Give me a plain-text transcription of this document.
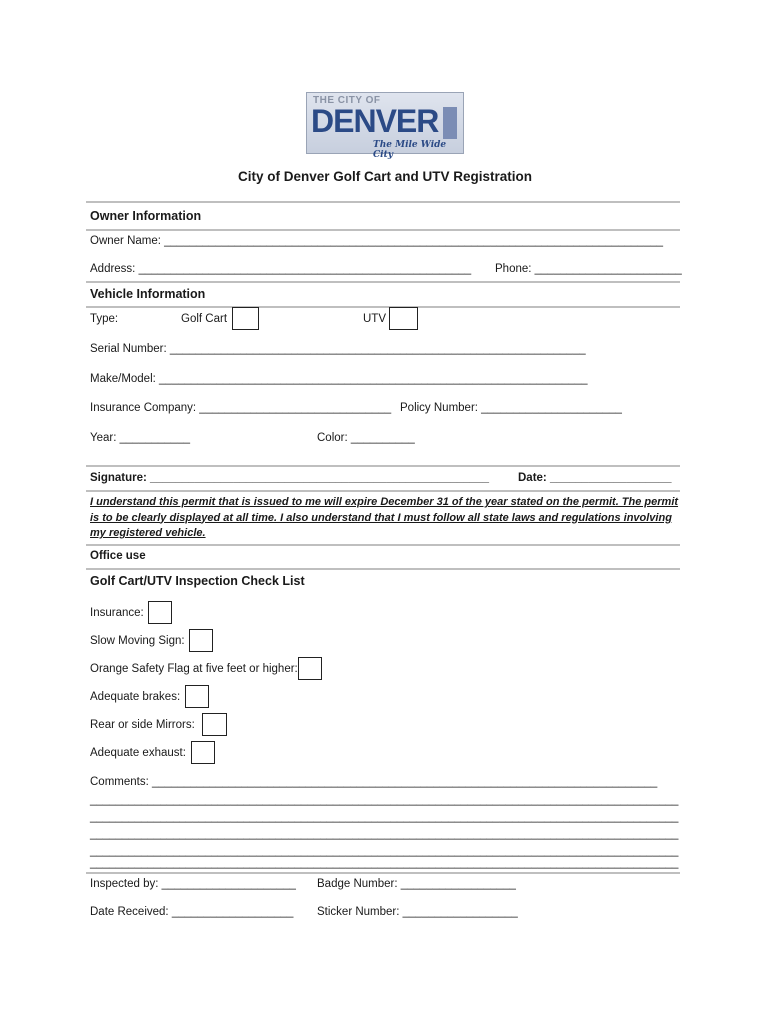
THE CITY OF
DENVER
The Mile Wide City
City of Denver Golf Cart and UTV Registration
Owner Information
Owner Name: ______________________________________________________________________________
Address: ____________________________________________________ Phone: _______________________
Vehicle Information
Type:	Golf Cart	UTV
Serial Number: _________________________________________________________________
Make/Model: ___________________________________________________________________
Insurance Company: ______________________________ Policy Number: ______________________
Year: ___________	Color: __________
Signature: _____________________________________________________	Date: ___________________
I understand this permit that is issued to me will expire December 31 of the year stated on the permit. The permit is to be clearly displayed at all time. I also understand that I must follow all state laws and regulations involving my registered vehicle.
Office use
Golf Cart/UTV Inspection Check List
Insurance:
Slow Moving Sign:
Orange Safety Flag at five feet or higher:
Adequate brakes:
Rear or side Mirrors:
Adequate exhaust:
Comments: _______________________________________________________________________________
____________________________________________________________________________________________
____________________________________________________________________________________________
____________________________________________________________________________________________
____________________________________________________________________________________________
____________________________________________________________________________________________
Inspected by: _____________________ Badge Number: __________________
Date Received: ___________________ Sticker Number: __________________
